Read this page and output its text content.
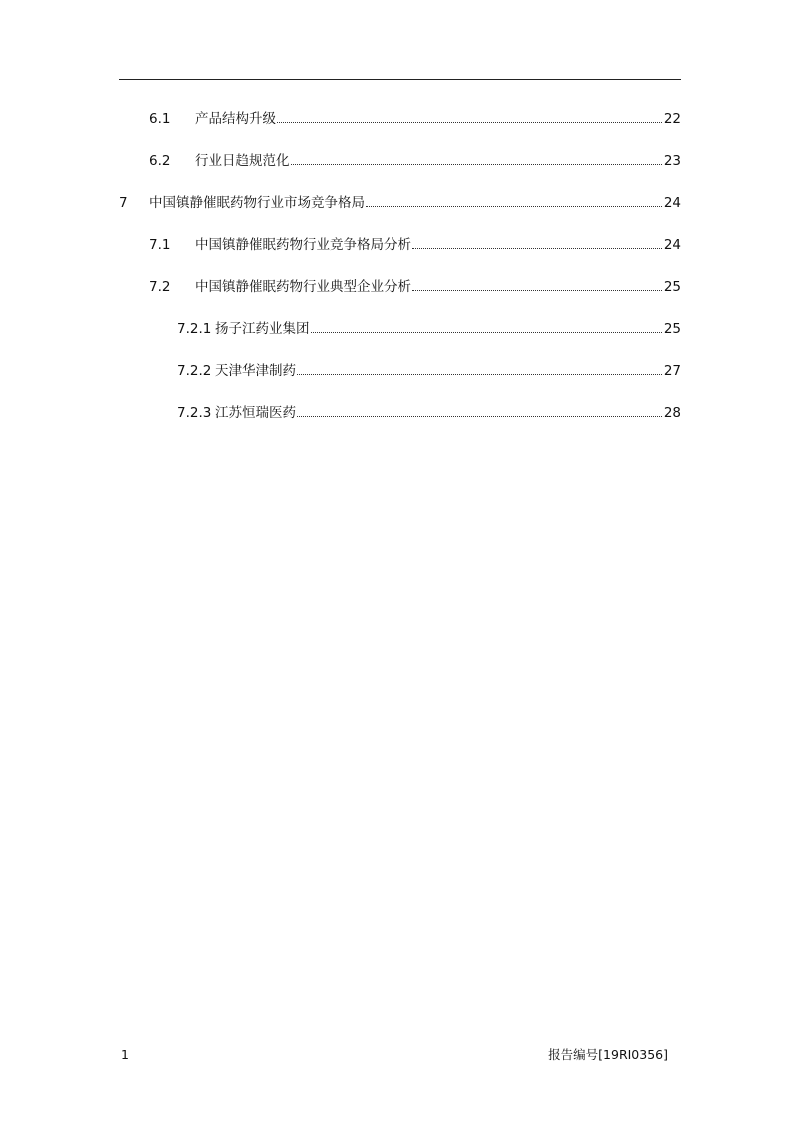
6.1	产品结构升级	22
6.2	行业日趋规范化	23
7	中国镇静催眠药物行业市场竞争格局	24
7.1	中国镇静催眠药物行业竞争格局分析	24
7.2	中国镇静催眠药物行业典型企业分析	25
7.2.1 扬子江药业集团	25
7.2.2 天津华津制药	27
7.2.3 江苏恒瑞医药	28
1	报告编号[19RI0356]
